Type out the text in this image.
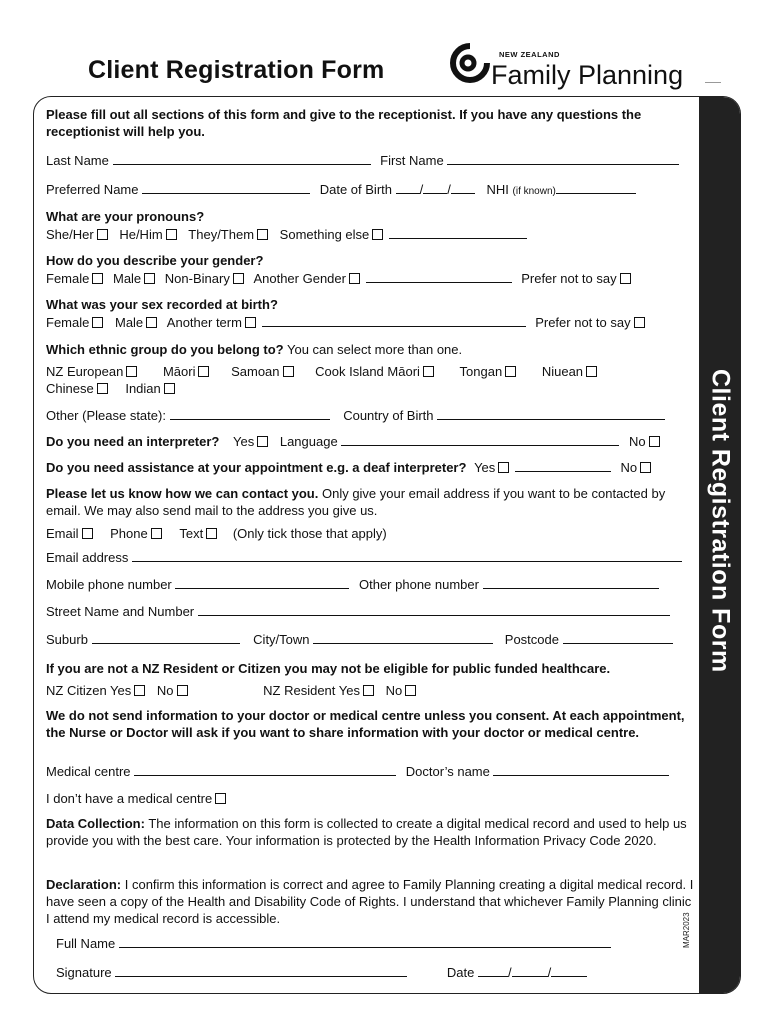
Client Registration Form
NEW ZEALAND
Family Planning
Client Registration Form
Please fill out all sections of this form and give to the receptionist. If you have any questions the receptionist will help you.
Last Name	First Name
Preferred Name	Date of Birth / /	NHI (if known)
What are your pronouns?
She/Her He/Him They/Them Something else
How do you describe your gender?
Female Male Non-Binary Another Gender	Prefer not to say
What was your sex recorded at birth?
Female Male Another term	Prefer not to say
Which ethnic group do you belong to? You can select more than one.
NZ European	Māori	Samoan	Cook Island Māori	Tongan	Niuean
Chinese Indian
Other (Please state):	Country of Birth
Do you need an interpreter? Yes Language	No
Do you need assistance at your appointment e.g. a deaf interpreter? Yes	No
Please let us know how we can contact you. Only give your email address if you want to be contacted by email. We may also send mail to the address you give us.
Email Phone Text (Only tick those that apply)
Email address
Mobile phone number	Other phone number
Street Name and Number
Suburb	City/Town	Postcode
If you are not a NZ Resident or Citizen you may not be eligible for public funded healthcare.
NZ Citizen Yes No	NZ Resident Yes No
We do not send information to your doctor or medical centre unless you consent. At each appointment, the Nurse or Doctor will ask if you want to share information with your doctor or medical centre.
Medical centre	Doctor’s name
I don’t have a medical centre
Data Collection: The information on this form is collected to create a digital medical record and used to help us provide you with the best care. Your information is protected by the Health Information Privacy Code 2020.
Declaration: I confirm this information is correct and agree to Family Planning creating a digital medical record. I have seen a copy of the Health and Disability Code of Rights. I understand that whichever Family Planning clinic I attend my medical record is accessible.
Full Name
Signature	Date	/	/
MAR2023
